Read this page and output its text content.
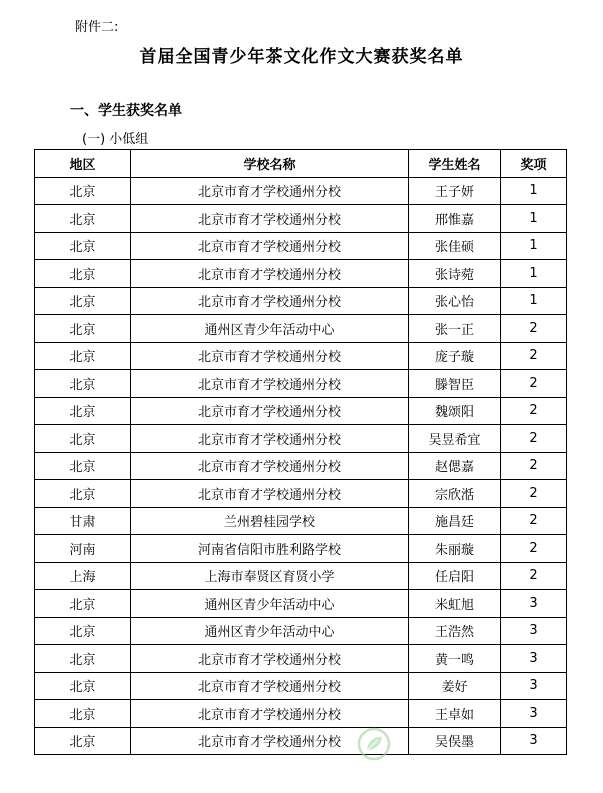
附件二:
首届全国青少年茶文化作文大赛获奖名单
一、学生获奖名单
(一) 小低组
地区	学校名称	学生姓名	奖项
北京	北京市育才学校通州分校	王子妍	1
北京	北京市育才学校通州分校	邢惟嘉	1
北京	北京市育才学校通州分校	张佳硕	1
北京	北京市育才学校通州分校	张诗菀	1
北京	北京市育才学校通州分校	张心怡	1
北京	通州区青少年活动中心	张一正	2
北京	北京市育才学校通州分校	庞子璇	2
北京	北京市育才学校通州分校	滕智臣	2
北京	北京市育才学校通州分校	魏颂阳	2
北京	北京市育才学校通州分校	吴昱希宜	2
北京	北京市育才学校通州分校	赵偲嘉	2
北京	北京市育才学校通州分校	宗欣湉	2
甘肃	兰州碧桂园学校	施昌廷	2
河南	河南省信阳市胜利路学校	朱丽璇	2
上海	上海市奉贤区育贤小学	任启阳	2
北京	通州区青少年活动中心	米虹旭	3
北京	通州区青少年活动中心	王浩然	3
北京	北京市育才学校通州分校	黄一鸣	3
北京	北京市育才学校通州分校	姜好	3
北京	北京市育才学校通州分校	王卓如	3
北京	北京市育才学校通州分校	吴俣墨	3
